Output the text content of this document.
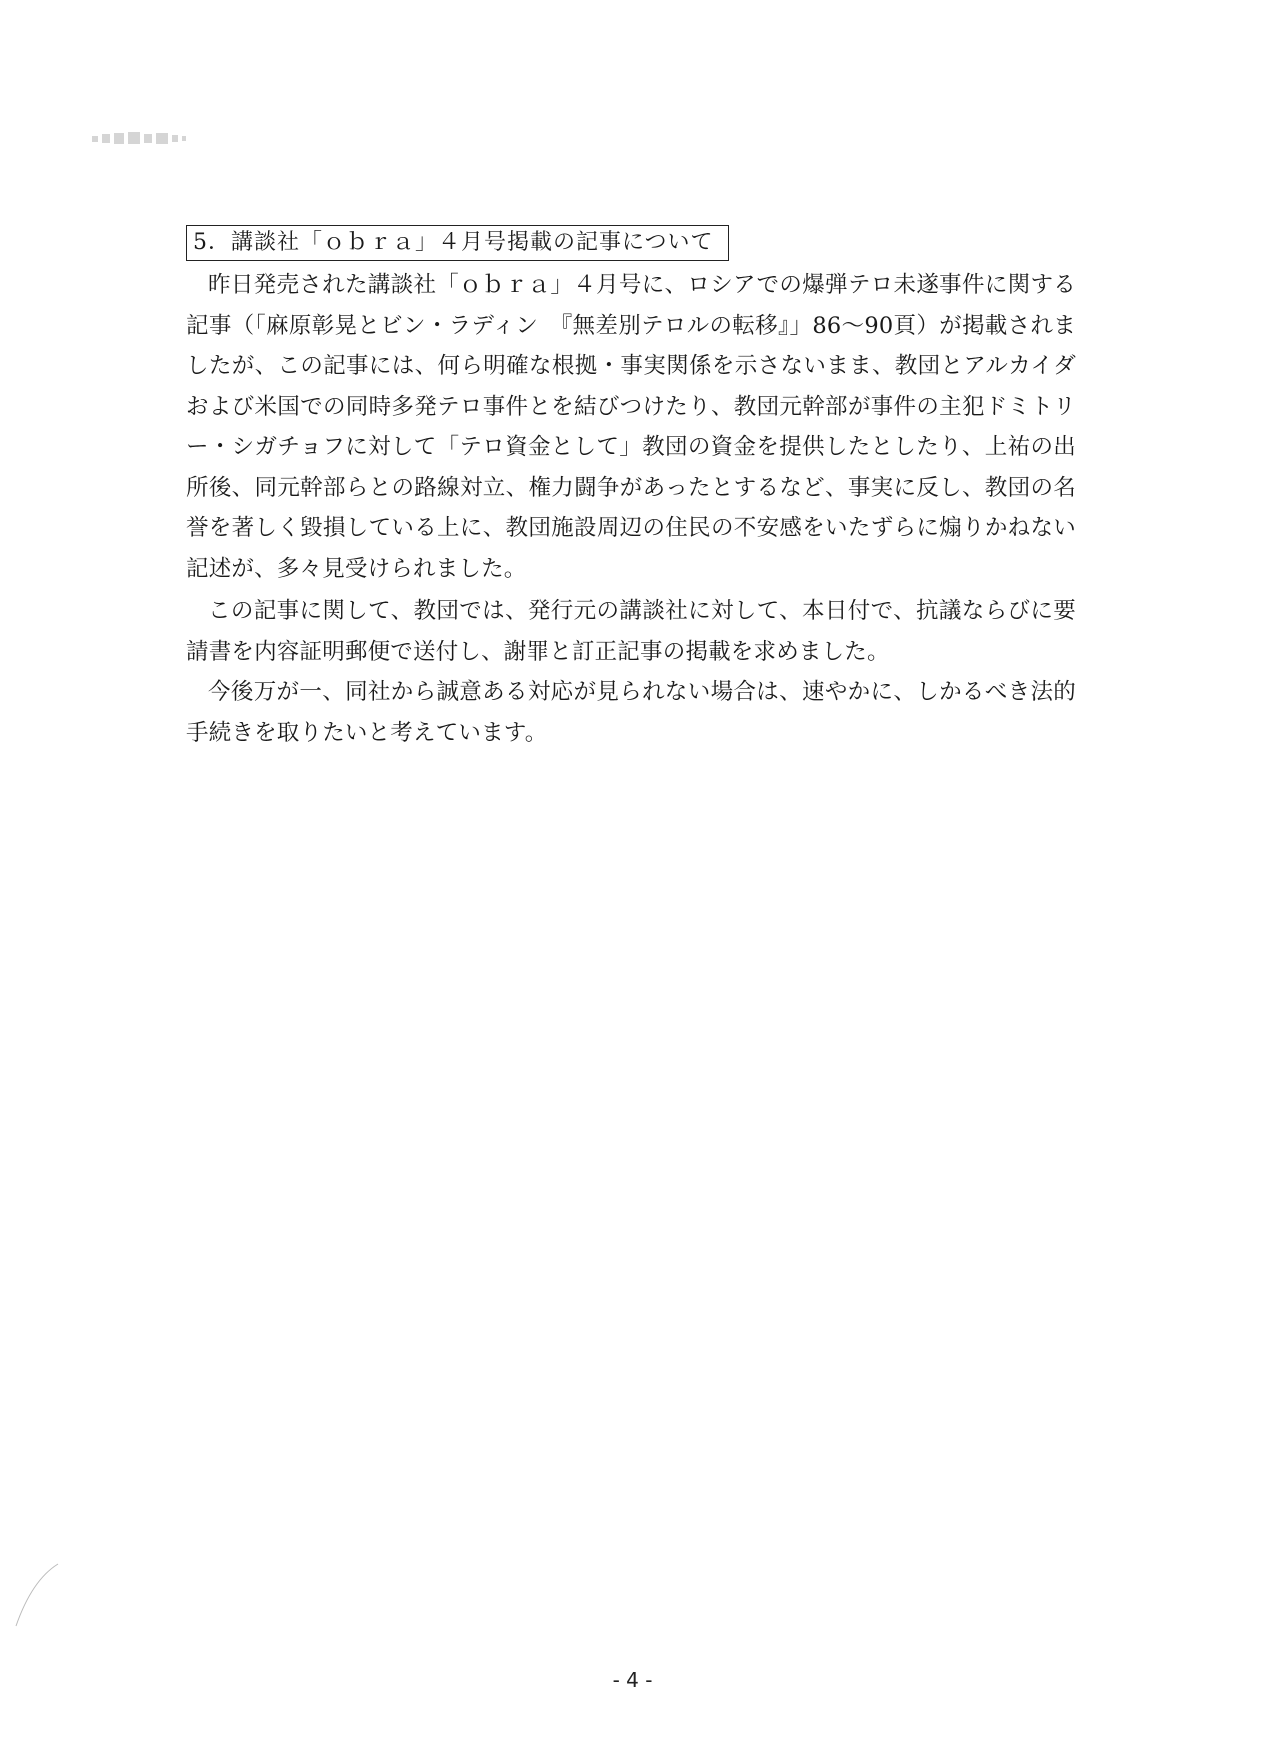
5．講談社「ｏｂｒａ」４月号掲載の記事について

昨日発売された講談社「ｏｂｒａ」４月号に、ロシアでの爆弾テロ未遂事件に関する記事（「麻原彰晃とビン・ラディン　『無差別テロルの転移』」86～90頁）が掲載されましたが、この記事には、何ら明確な根拠・事実関係を示さないまま、教団とアルカイダおよび米国での同時多発テロ事件とを結びつけたり、教団元幹部が事件の主犯ドミトリー・シガチョフに対して「テロ資金として」教団の資金を提供したとしたり、上祐の出所後、同元幹部らとの路線対立、権力闘争があったとするなど、事実に反し、教団の名誉を著しく毀損している上に、教団施設周辺の住民の不安感をいたずらに煽りかねない記述が、多々見受けられました。

この記事に関して、教団では、発行元の講談社に対して、本日付で、抗議ならびに要請書を内容証明郵便で送付し、謝罪と訂正記事の掲載を求めました。

今後万が一、同社から誠意ある対応が見られない場合は、速やかに、しかるべき法的手続きを取りたいと考えています。

- 4 -
